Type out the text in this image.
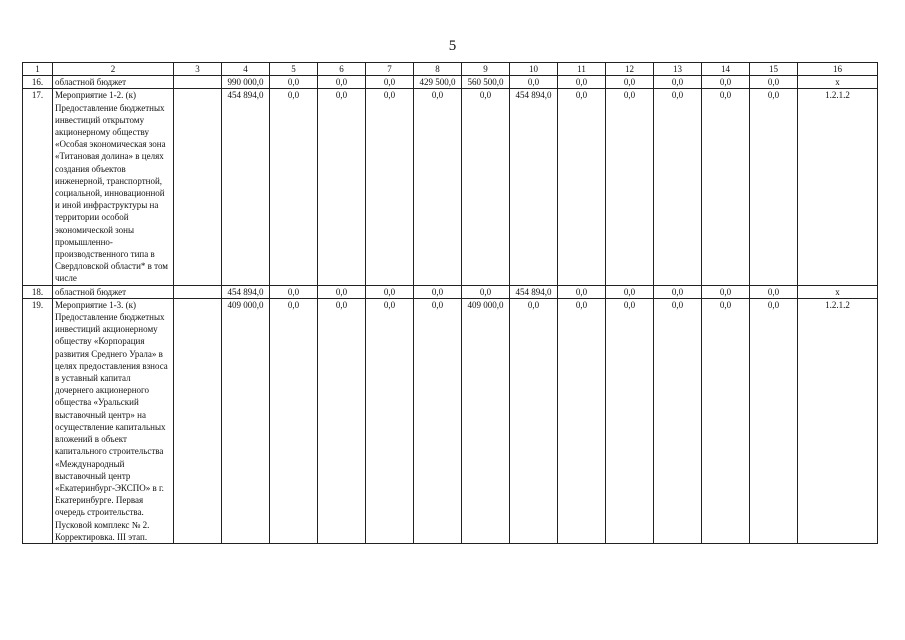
5
1	2	3	4	5	6	7	8	9	10	11	12	13	14	15	16
16.	областной бюджет		990 000,0	0,0	0,0	0,0	429 500,0	560 500,0	0,0	0,0	0,0	0,0	0,0	0,0	x
17.	Мероприятие 1-2. (к) Предоставление бюджетных инвестиций открытому акционерному обществу «Особая экономическая зона «Титановая долина» в целях создания объектов инженерной, транспортной, социальной, инновационной и иной инфраструктуры на территории особой экономической зоны промышленно-производственного типа в Свердловской области* в том числе		454 894,0	0,0	0,0	0,0	0,0	0,0	454 894,0	0,0	0,0	0,0	0,0	0,0	1.2.1.2
18.	областной бюджет		454 894,0	0,0	0,0	0,0	0,0	0,0	454 894,0	0,0	0,0	0,0	0,0	0,0	x
19.	Мероприятие 1-3. (к) Предоставление бюджетных инвестиций акционерному обществу «Корпорация развития Среднего Урала» в целях предоставления взноса в уставный капитал дочернего акционерного общества «Уральский выставочный центр» на осуществление капитальных вложений в объект капитального строительства «Международный выставочный центр «Екатеринбург-ЭКСПО» в г. Екатеринбурге. Первая очередь строительства. Пусковой комплекс № 2. Корректировка. III этап.		409 000,0	0,0	0,0	0,0	0,0	409 000,0	0,0	0,0	0,0	0,0	0,0	0,0	1.2.1.2
